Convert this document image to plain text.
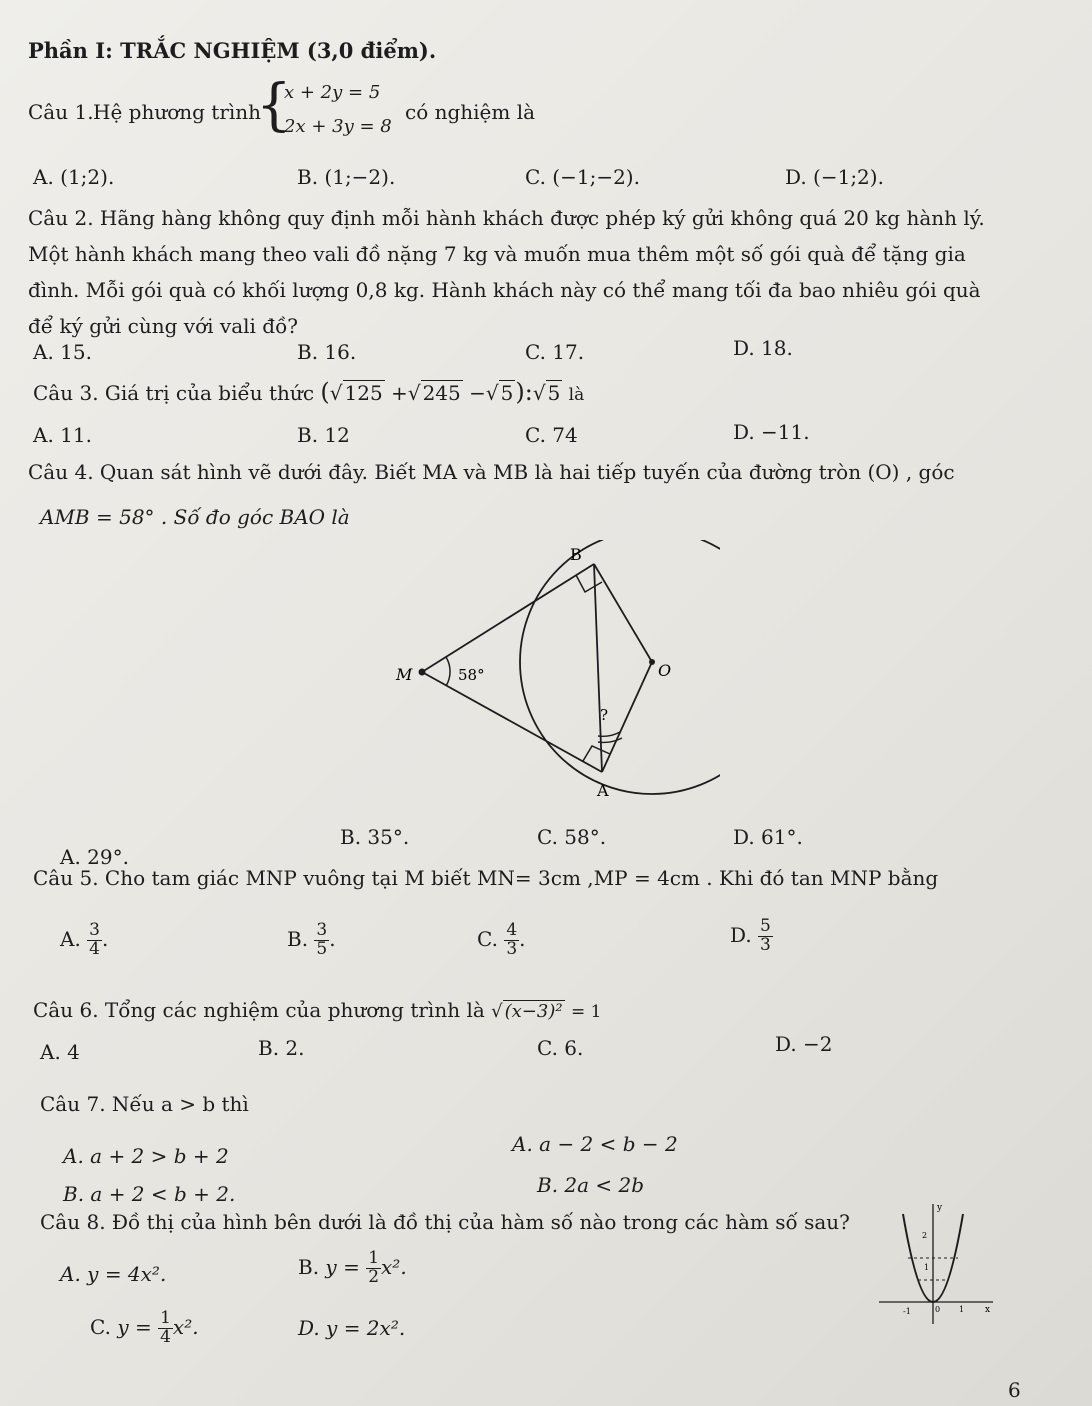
Phần I: TRẮC NGHIỆM (3,0 điểm).
Câu 1. Hệ phương trình
{
x + 2y = 5
2x + 3y = 8
có nghiệm là
A. (1;2).	B. (1;−2).	C. (−1;−2).	D. (−1;2).
Câu 2. Hãng hàng không quy định mỗi hành khách được phép ký gửi không quá 20 kg hành lý.
Một hành khách mang theo vali đồ nặng 7 kg và muốn mua thêm một số gói quà để tặng gia
đình. Mỗi gói quà có khối lượng 0,8 kg. Hành khách này có thể mang tối đa bao nhiêu gói quà
để ký gửi cùng với vali đồ?
A. 15.	B. 16.	C. 17.	D. 18.
Câu 3. Giá trị của biểu thức (√ 125 +√ 245 −√ 5):√ 5 là
A. 11.	B. 12	C. 74	D. −11.
Câu 4. Quan sát hình vẽ dưới đây. Biết MA và MB là hai tiếp tuyến của đường tròn (O) , góc
AMB = 58° . Số đo góc BAO là
B
M	O
A
58°
?
A. 29°.
B. 35°.	C. 58°.	D. 61°.
Câu 5. Cho tam giác MNP vuông tại M biết MN= 3cm ,MP = 4cm . Khi đó tan MNP bằng
A. $\frac{3}{4}$ .	B. $\frac{3}{5}$ .	C. $\frac{4}{3}$ .	D. $\frac{5}{3}$
Câu 6. Tổng các nghiệm của phương trình là √ (x−3)² = 1
A. 4	B. 2.	C. 6.	D. −2
Câu 7. Nếu a > b thì
A. a + 2 > b + 2	A. a − 2 < b − 2
B. a + 2 < b + 2.	B. 2a < 2b
Câu 8. Đồ thị của hình bên dưới là đồ thị của hàm số nào trong các hàm số sau?
A. y = 4x².	B. $y = \frac{1}{2} x^2$.
C. $y = \frac{1}{4} x^2$.	D. y = 2x².
y
x
2
1
-1	0 1
6
